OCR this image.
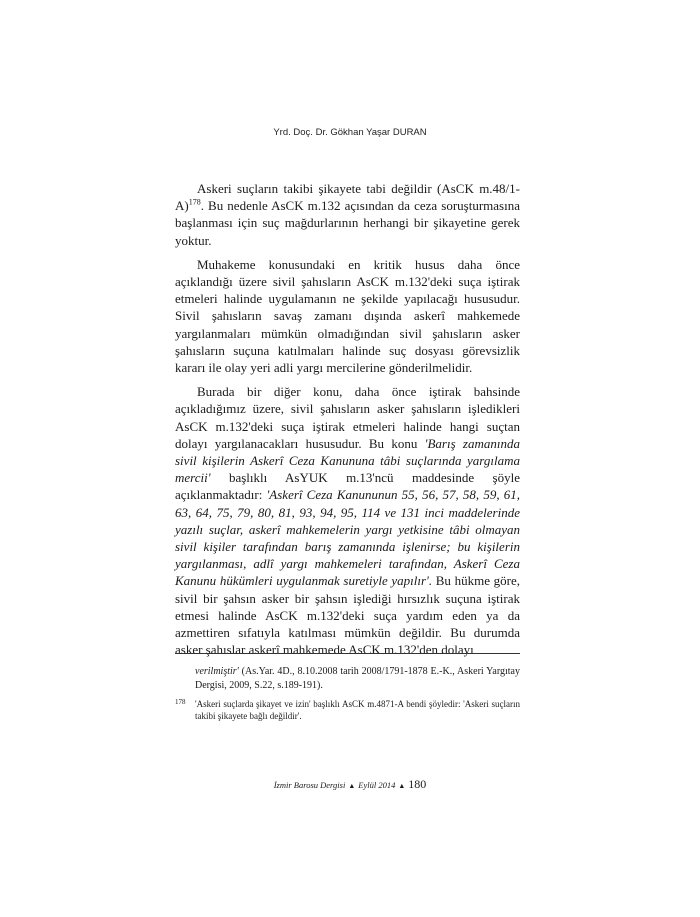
Yrd. Doç. Dr. Gökhan Yaşar DURAN

Askeri suçların takibi şikayete tabi değildir (AsCK m.48/1-A)$^{178}$. Bu nedenle AsCK m.132 açısından da ceza soruşturmasına başlanması için suç mağdurlarının herhangi bir şikayetine gerek yoktur.

Muhakeme konusundaki en kritik husus daha önce açıklandığı üzere sivil şahısların AsCK m.132'deki suça iştirak etmeleri halinde uygulamanın ne şekilde yapılacağı hususudur. Sivil şahısların savaş zamanı dışında askerî mahkemede yargılanmaları mümkün olmadığından sivil şahısların asker şahısların suçuna katılmaları halinde suç dosyası görevsizlik kararı ile olay yeri adli yargı mercilerine gönderilmelidir.

Burada bir diğer konu, daha önce iştirak bahsinde açıkladığımız üzere, sivil şahısların asker şahısların işledikleri AsCK m.132'deki suça iştirak etmeleri halinde hangi suçtan dolayı yargılanacakları hususudur. Bu konu 'Barış zamanında sivil kişilerin Askerî Ceza Kanununa tâbi suçlarında yargılama mercii' başlıklı AsYUK m.13'ncü maddesinde şöyle açıklanmaktadır: 'Askerî Ceza Kanununun 55, 56, 57, 58, 59, 61, 63, 64, 75, 79, 80, 81, 93, 94, 95, 114 ve 131 inci maddelerinde yazılı suçlar, askerî mahkemelerin yargı yetkisine tâbi olmayan sivil kişiler tarafından barış zamanında işlenirse; bu kişilerin yargılanması, adlî yargı mahkemeleri tarafından, Askerî Ceza Kanunu hükümleri uygulanmak suretiyle yapılır'. Bu hükme göre, sivil bir şahsın asker bir şahsın işlediği hırsızlık suçuna iştirak etmesi halinde AsCK m.132'deki suça yardım eden ya da azmettiren sıfatıyla katılması mümkün değildir. Bu durumda asker şahıslar askerî mahkemede AsCK m.132'den dolayı

verilmiştir' (As.Yar. 4D., 8.10.2008 tarih 2008/1791-1878 E.-K., Askeri Yargıtay Dergisi, 2009, S.22, s.189-191).

178 'Askeri suçlarda şikayet ve izin' başlıklı AsCK m.4871-A bendi şöyledir: 'Askeri suçların takibi şikayete bağlı değildir'.

İzmir Barosu Dergisi ▲ Eylül 2014 ▲ 180
